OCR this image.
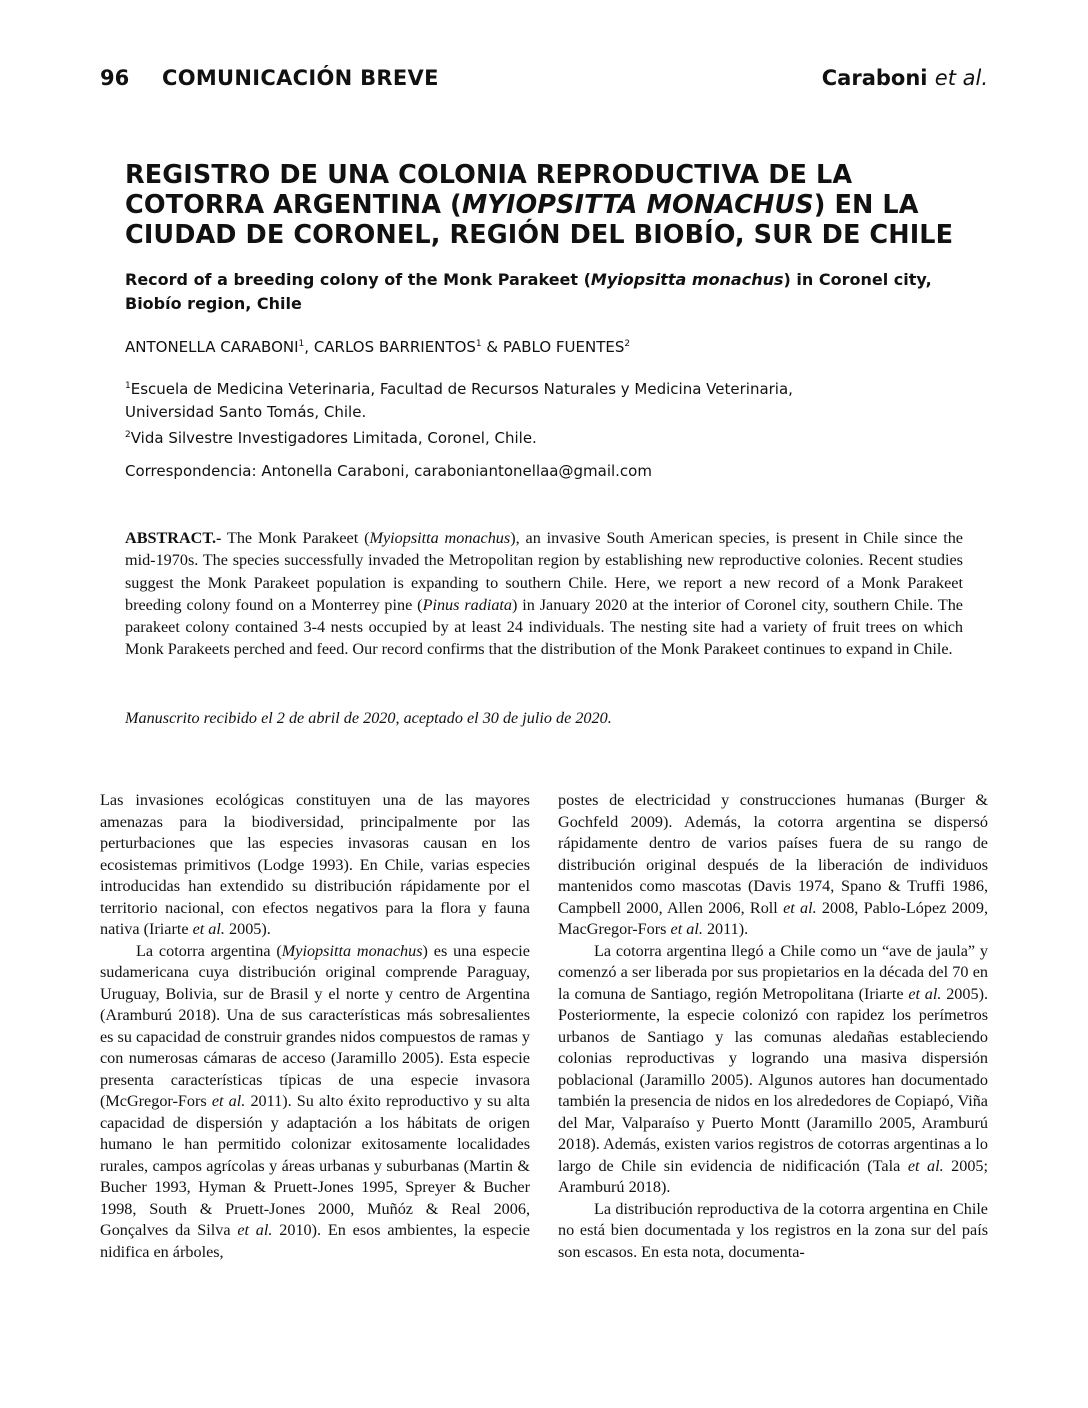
96 COMUNICACIÓN BREVE	Caraboni et al.
REGISTRO DE UNA COLONIA REPRODUCTIVA DE LA
COTORRA ARGENTINA (MYIOPSITTA MONACHUS) EN LA
CIUDAD DE CORONEL, REGIÓN DEL BIOBÍO, SUR DE CHILE
Record of a breeding colony of the Monk Parakeet (Myiopsitta monachus) in Coronel city,
Biobío region, Chile
ANTONELLA CARABONI$^1$, CARLOS BARRIENTOS$^1$ & PABLO FUENTES$^2$
$^1$Escuela de Medicina Veterinaria, Facultad de Recursos Naturales y Medicina Veterinaria,
Universidad Santo Tomás, Chile.
$^2$Vida Silvestre Investigadores Limitada, Coronel, Chile.
Correspondencia: Antonella Caraboni, caraboniantonellaa@gmail.com

ABSTRACT.- The Monk Parakeet (Myiopsitta monachus), an invasive South American species, is present in Chile since the mid-1970s. The species successfully invaded the Metropolitan region by establishing new reproductive colonies. Recent studies suggest the Monk Parakeet population is expanding to southern Chile. Here, we report a new record of a Monk Parakeet breeding colony found on a Monterrey pine (Pinus radiata) in January 2020 at the interior of Coronel city, southern Chile. The parakeet colony contained 3-4 nests occupied by at least 24 individuals. The nesting site had a variety of fruit trees on which Monk Parakeets perched and feed. Our record confirms that the distribution of the Monk Parakeet continues to expand in Chile.

Manuscrito recibido el 2 de abril de 2020, aceptado el 30 de julio de 2020.

Las invasiones ecológicas constituyen una de las mayores amenazas para la biodiversidad, principalmente por las perturbaciones que las especies invasoras causan en los ecosistemas primitivos (Lodge 1993). En Chile, varias especies introducidas han extendido su distribución rápidamente por el territorio nacional, con efectos negativos para la flora y fauna nativa (Iriarte et al. 2005).

La cotorra argentina (Myiopsitta monachus) es una especie sudamericana cuya distribución original comprende Paraguay, Uruguay, Bolivia, sur de Brasil y el norte y centro de Argentina (Aramburú 2018). Una de sus características más sobresalientes es su capacidad de construir grandes nidos compuestos de ramas y con numerosas cámaras de acceso (Jaramillo 2005). Esta especie presenta características típicas de una especie invasora (McGregor-Fors et al. 2011). Su alto éxito reproductivo y su alta capacidad de dispersión y adaptación a los hábitats de origen humano le han permitido colonizar exitosamente localidades rurales, campos agrícolas y áreas urbanas y suburbanas (Martin & Bucher 1993, Hyman & Pruett-Jones 1995, Spreyer & Bucher 1998, South & Pruett-Jones 2000, Muñóz & Real 2006, Gonçalves da Silva et al. 2010). En esos ambientes, la especie nidifica en árboles,

postes de electricidad y construcciones humanas (Burger & Gochfeld 2009). Además, la cotorra argentina se dispersó rápidamente dentro de varios países fuera de su rango de distribución original después de la liberación de individuos mantenidos como mascotas (Davis 1974, Spano & Truffi 1986, Campbell 2000, Allen 2006, Roll et al. 2008, Pablo-López 2009, MacGregor-Fors et al. 2011).

La cotorra argentina llegó a Chile como un “ave de jaula” y comenzó a ser liberada por sus propietarios en la década del 70 en la comuna de Santiago, región Metropolitana (Iriarte et al. 2005). Posteriormente, la especie colonizó con rapidez los perímetros urbanos de Santiago y las comunas aledañas estableciendo colonias reproductivas y logrando una masiva dispersión poblacional (Jaramillo 2005). Algunos autores han documentado también la presencia de nidos en los alrededores de Copiapó, Viña del Mar, Valparaíso y Puerto Montt (Jaramillo 2005, Aramburú 2018). Además, existen varios registros de cotorras argentinas a lo largo de Chile sin evidencia de nidificación (Tala et al. 2005; Aramburú 2018).

La distribución reproductiva de la cotorra argentina en Chile no está bien documentada y los registros en la zona sur del país son escasos. En esta nota, documenta-
